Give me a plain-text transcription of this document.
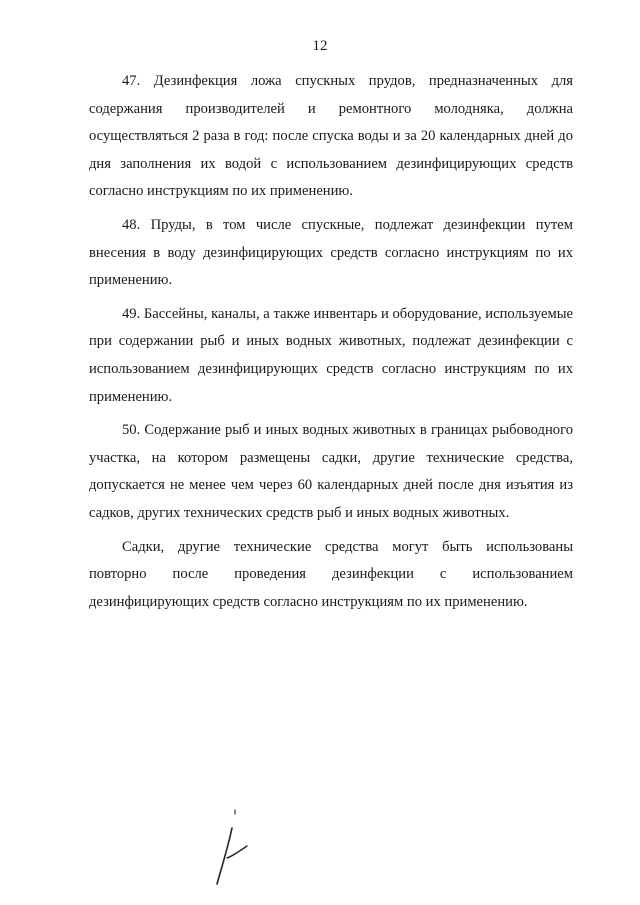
12

47. Дезинфекция ложа спускных прудов, предназначенных для содержания производителей и ремонтного молодняка, должна осуществляться 2 раза в год: после спуска воды и за 20 календарных дней до дня заполнения их водой с использованием дезинфицирующих средств согласно инструкциям по их применению.

48. Пруды, в том числе спускные, подлежат дезинфекции путем внесения в воду дезинфицирующих средств согласно инструкциям по их применению.

49. Бассейны, каналы, а также инвентарь и оборудование, используемые при содержании рыб и иных водных животных, подлежат дезинфекции с использованием дезинфицирующих средств согласно инструкциям по их применению.

50. Содержание рыб и иных водных животных в границах рыбоводного участка, на котором размещены садки, другие технические средства, допускается не менее чем через 60 календарных дней после дня изъятия из садков, других технических средств рыб и иных водных животных.

Садки, другие технические средства могут быть использованы повторно после проведения дезинфекции с использованием дезинфицирующих средств согласно инструкциям по их применению.
